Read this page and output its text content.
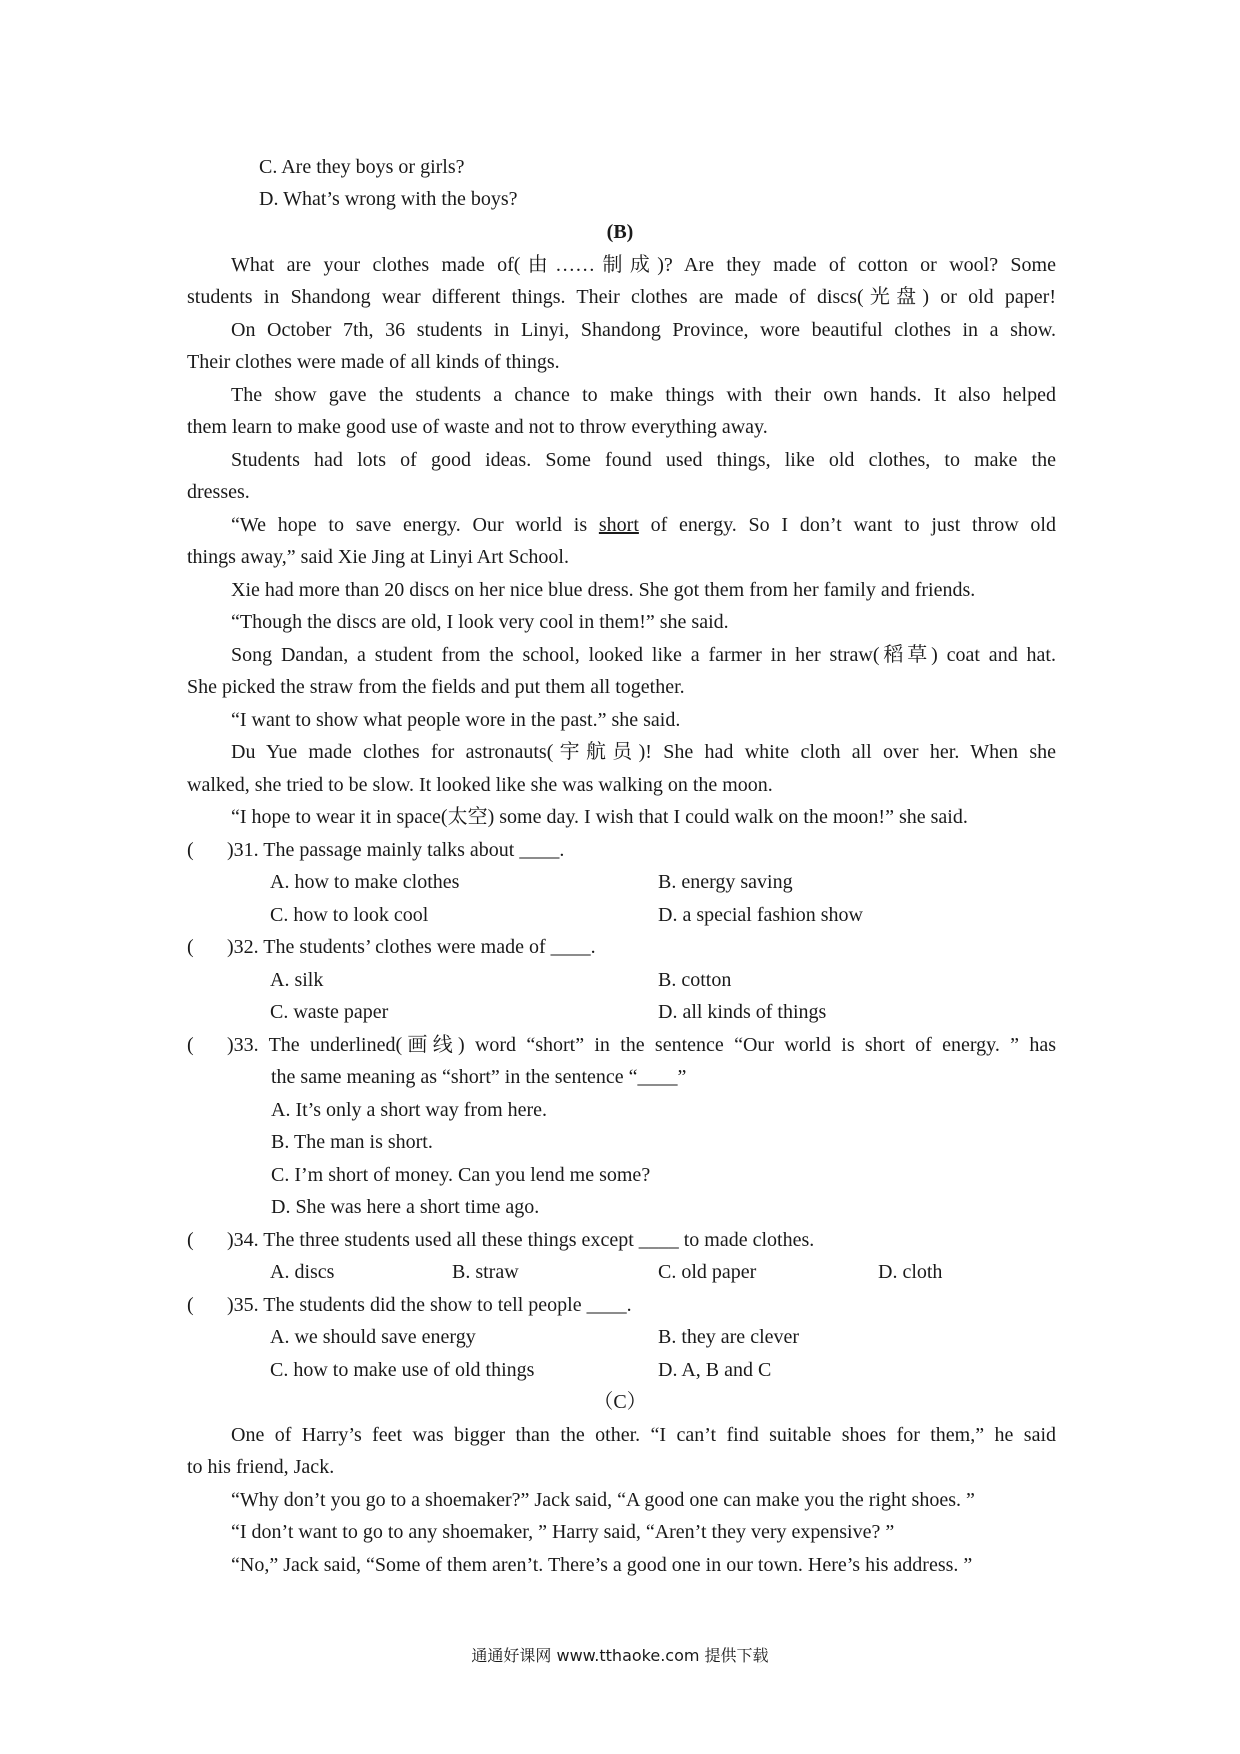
C. Are they boys or girls?
D. What’s wrong with the boys?
(B)
What are your clothes made of(由……制成)? Are they made of cotton or wool? Some
students in Shandong wear different things. Their clothes are made of discs(光盘) or old paper!
On October 7th, 36 students in Linyi, Shandong Province, wore beautiful clothes in a show.
Their clothes were made of all kinds of things.
The show gave the students a chance to make things with their own hands. It also helped
them learn to make good use of waste and not to throw everything away.
Students had lots of good ideas. Some found used things, like old clothes, to make the
dresses.
“We hope to save energy. Our world is short of energy. So I don’t want to just throw old
things away,” said Xie Jing at Linyi Art School.
Xie had more than 20 discs on her nice blue dress. She got them from her family and friends.
“Though the discs are old, I look very cool in them!” she said.
Song Dandan, a student from the school, looked like a farmer in her straw(稻草) coat and hat.
She picked the straw from the fields and put them all together.
“I want to show what people wore in the past.” she said.
Du Yue made clothes for astronauts(宇航员)! She had white cloth all over her. When she
walked, she tried to be slow. It looked like she was walking on the moon.
“I hope to wear it in space(太空) some day. I wish that I could walk on the moon!” she said.
( )31. The passage mainly talks about ____.
A. how to make clothes	B. energy saving
C. how to look cool	D. a special fashion show
( )32. The students’ clothes were made of ____.
A. silk	B. cotton
C. waste paper	D. all kinds of things
( )33. The underlined(画线) word “short” in the sentence “Our world is short of energy. ” has
the same meaning as “short” in the sentence “____”
A. It’s only a short way from here.
B. The man is short.
C. I’m short of money. Can you lend me some?
D. She was here a short time ago.
( )34. The three students used all these things except ____ to made clothes.
A. discs	B. straw	C. old paper	D. cloth
( )35. The students did the show to tell people ____.
A. we should save energy	B. they are clever
C. how to make use of old things	D. A, B and C
（C）
One of Harry’s feet was bigger than the other. “I can’t find suitable shoes for them,” he said
to his friend, Jack.
“Why don’t you go to a shoemaker?” Jack said, “A good one can make you the right shoes. ”
“I don’t want to go to any shoemaker, ” Harry said, “Aren’t they very expensive? ”
“No,” Jack said, “Some of them aren’t. There’s a good one in our town. Here’s his address. ”
通通好课网 www.tthaoke.com 提供下载
